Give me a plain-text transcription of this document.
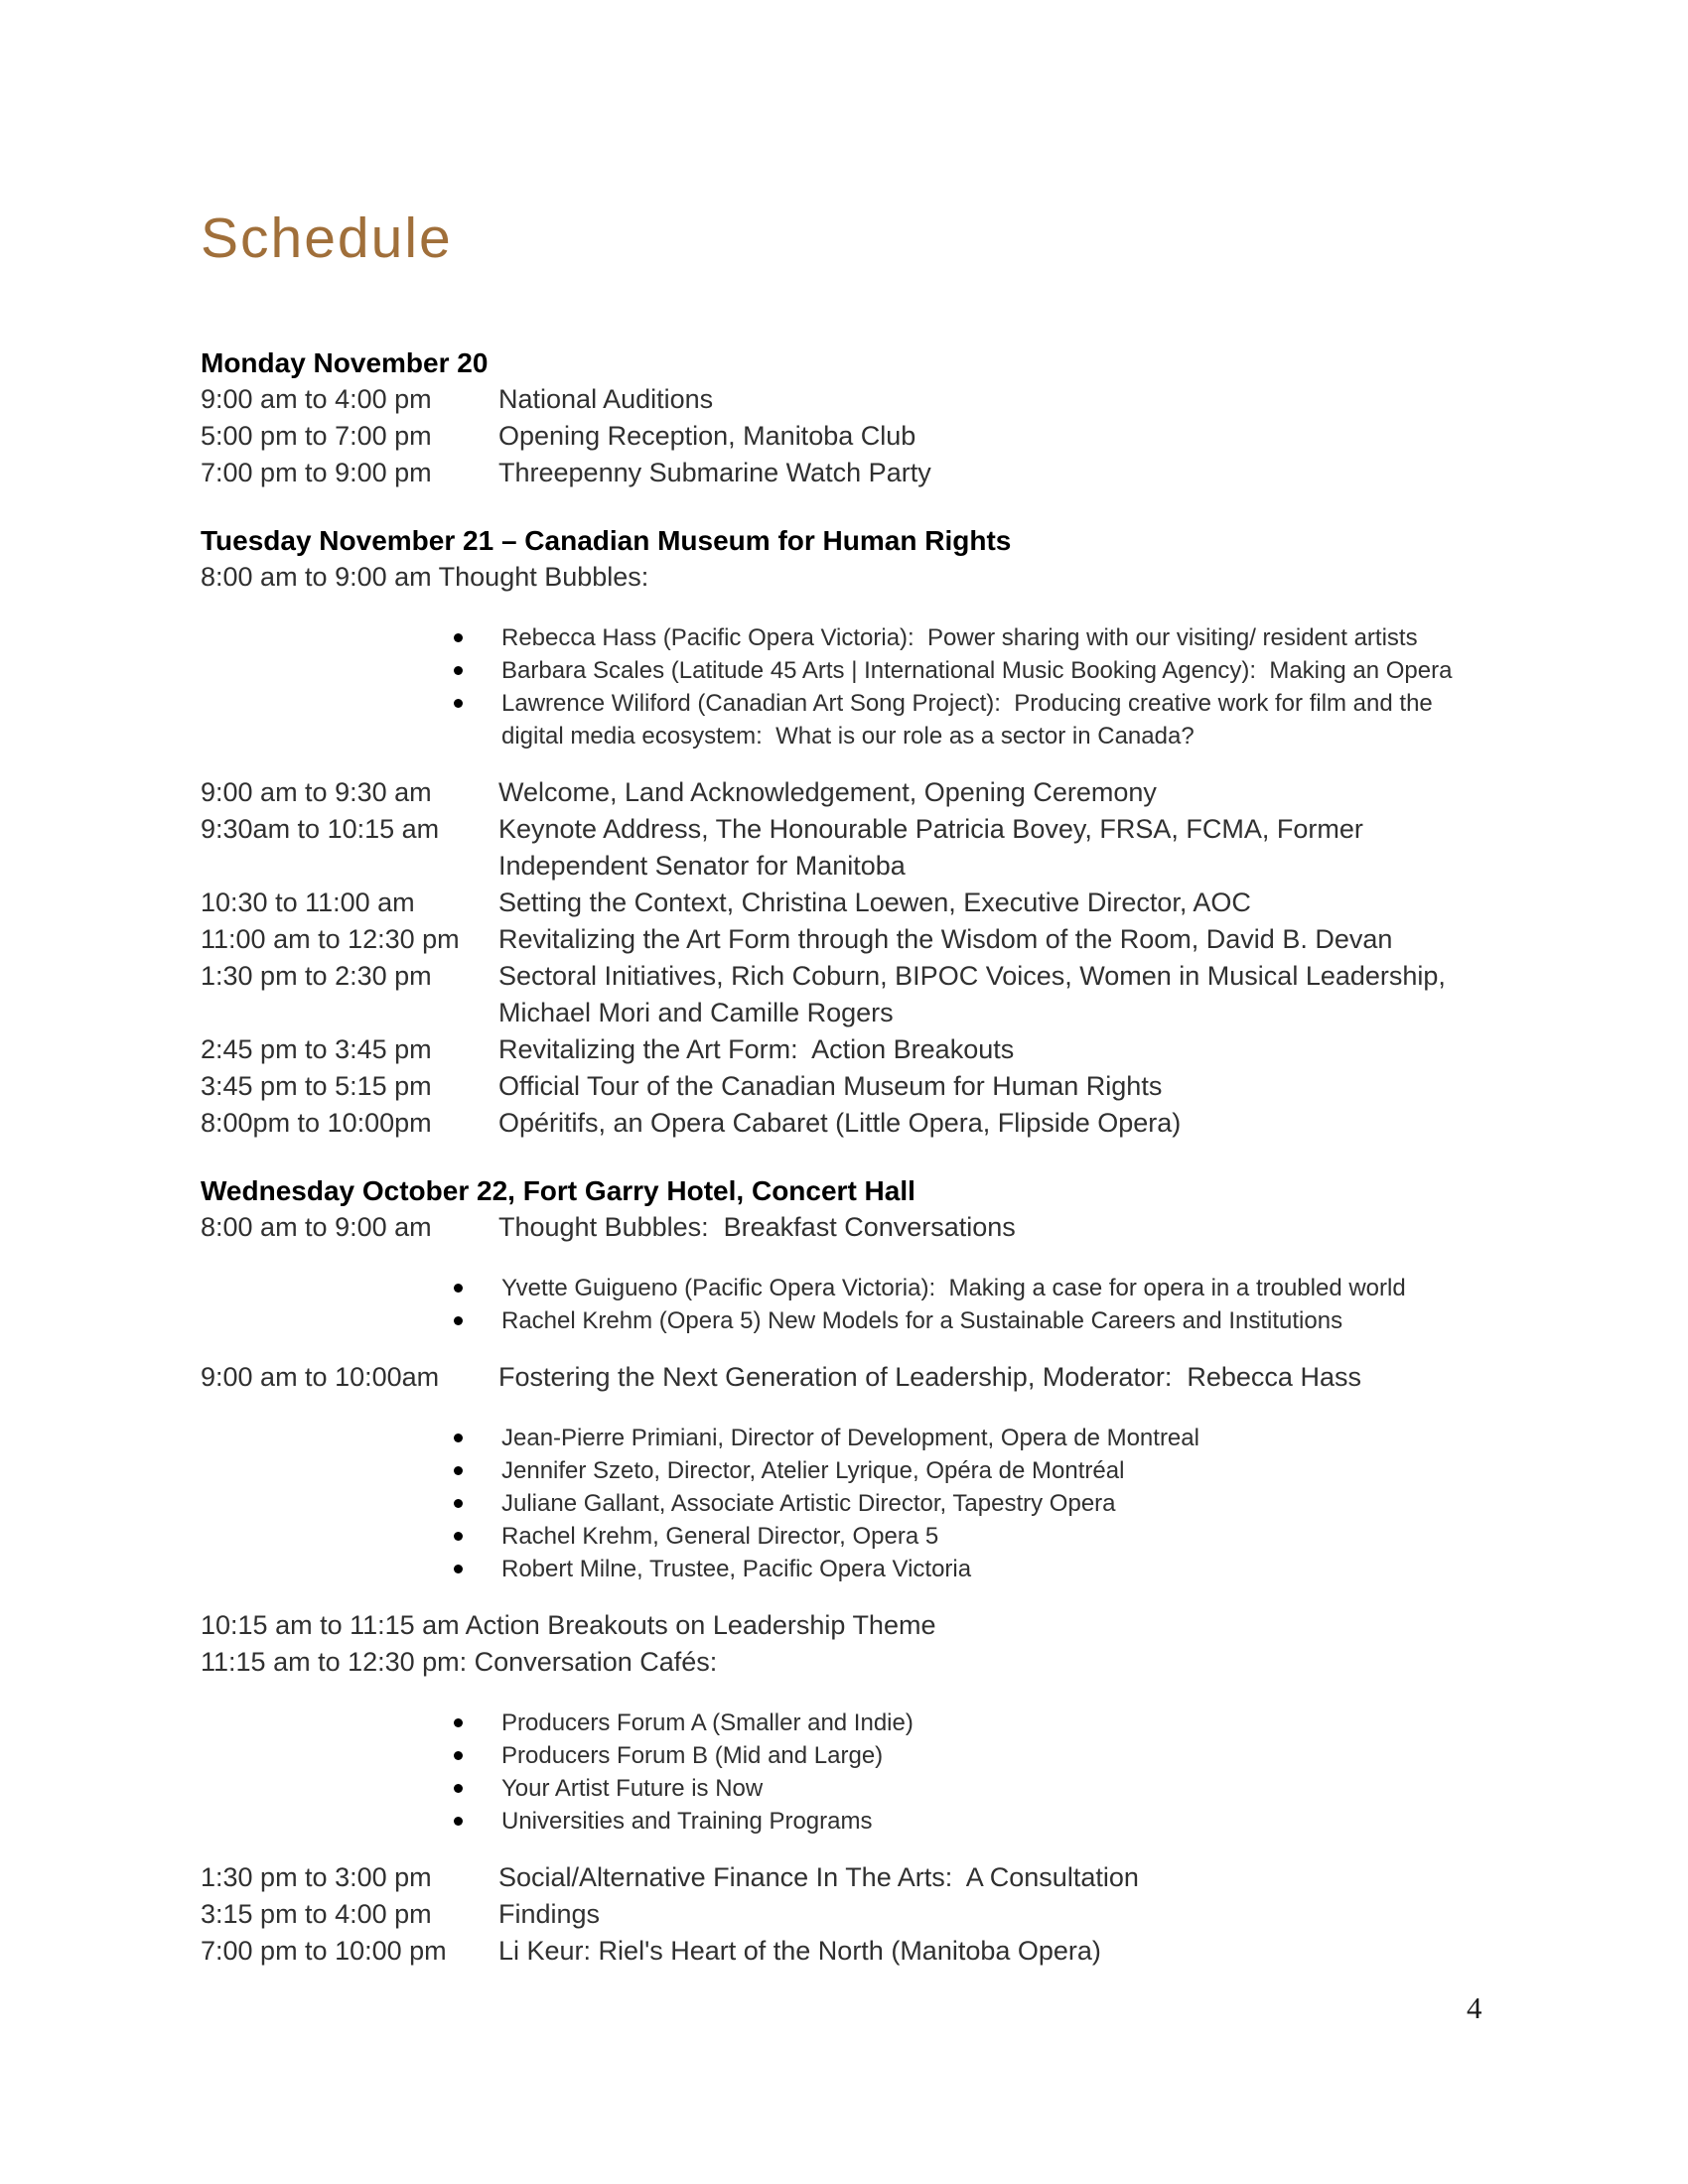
Schedule
Monday November 20
9:00 am to 4:00 pm	National Auditions
5:00 pm to 7:00 pm	Opening Reception, Manitoba Club
7:00 pm to 9:00 pm	Threepenny Submarine Watch Party
Tuesday November 21 – Canadian Museum for Human Rights
8:00 am to 9:00 am Thought Bubbles:
Rebecca Hass (Pacific Opera Victoria):  Power sharing with our visiting/ resident artists
Barbara Scales (Latitude 45 Arts | International Music Booking Agency):  Making an Opera
Lawrence Wiliford (Canadian Art Song Project):  Producing creative work for film and the digital media ecosystem:  What is our role as a sector in Canada?
9:00 am to 9:30 am	Welcome, Land Acknowledgement, Opening Ceremony
9:30am to 10:15 am	Keynote Address, The Honourable Patricia Bovey, FRSA, FCMA, Former Independent Senator for Manitoba
10:30 to 11:00 am	Setting the Context, Christina Loewen, Executive Director, AOC
11:00 am to 12:30 pm	Revitalizing the Art Form through the Wisdom of the Room, David B. Devan
1:30 pm to 2:30 pm	Sectoral Initiatives, Rich Coburn, BIPOC Voices, Women in Musical Leadership, Michael Mori and Camille Rogers
2:45 pm to 3:45 pm	Revitalizing the Art Form:  Action Breakouts
3:45 pm to 5:15 pm	Official Tour of the Canadian Museum for Human Rights
8:00pm to 10:00pm	Opéritifs, an Opera Cabaret (Little Opera, Flipside Opera)
Wednesday October 22, Fort Garry Hotel, Concert Hall
8:00 am to 9:00 am	Thought Bubbles:  Breakfast Conversations
Yvette Guigueno (Pacific Opera Victoria):  Making a case for opera in a troubled world
Rachel Krehm (Opera 5) New Models for a Sustainable Careers and Institutions
9:00 am to 10:00am	Fostering the Next Generation of Leadership, Moderator:  Rebecca Hass
Jean-Pierre Primiani, Director of Development, Opera de Montreal
Jennifer Szeto, Director, Atelier Lyrique, Opéra de Montréal
Juliane Gallant, Associate Artistic Director, Tapestry Opera
Rachel Krehm, General Director, Opera 5
Robert Milne, Trustee, Pacific Opera Victoria
10:15 am to 11:15 am Action Breakouts on Leadership Theme
11:15 am to 12:30 pm: Conversation Cafés:
Producers Forum A (Smaller and Indie)
Producers Forum B (Mid and Large)
Your Artist Future is Now
Universities and Training Programs
1:30 pm to 3:00 pm	Social/Alternative Finance In The Arts:  A Consultation
3:15 pm to 4:00 pm	Findings
7:00 pm to 10:00 pm	Li Keur: Riel's Heart of the North (Manitoba Opera)
4
